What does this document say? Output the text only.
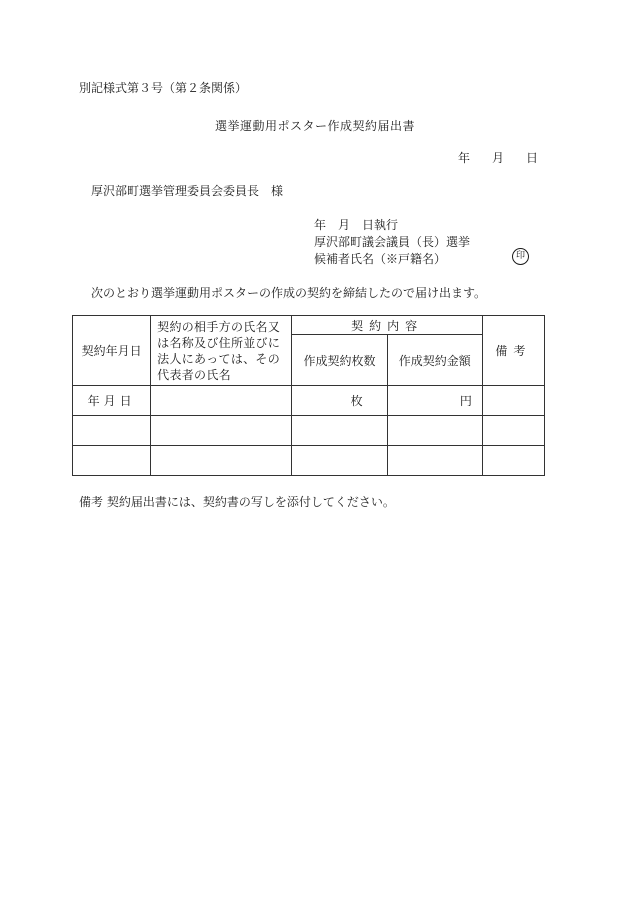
別記様式第３号（第２条関係）
選挙運動用ポスター作成契約届出書
年 月 日
厚沢部町選挙管理委員会委員長　様
年 月 日執行
厚沢部町議会議員（長）選挙
候補者氏名（※戸籍名）	印
次のとおり選挙運動用ポスターの作成の契約を締結したので届け出ます。
契約年月日	契約の相手方の氏名又は名称及び住所並びに法人にあっては、その代表者の氏名	契約内容		備考
		作成契約枚数	作成契約金額	
年月日		枚	円	

備考 契約届出書には、契約書の写しを添付してください。
